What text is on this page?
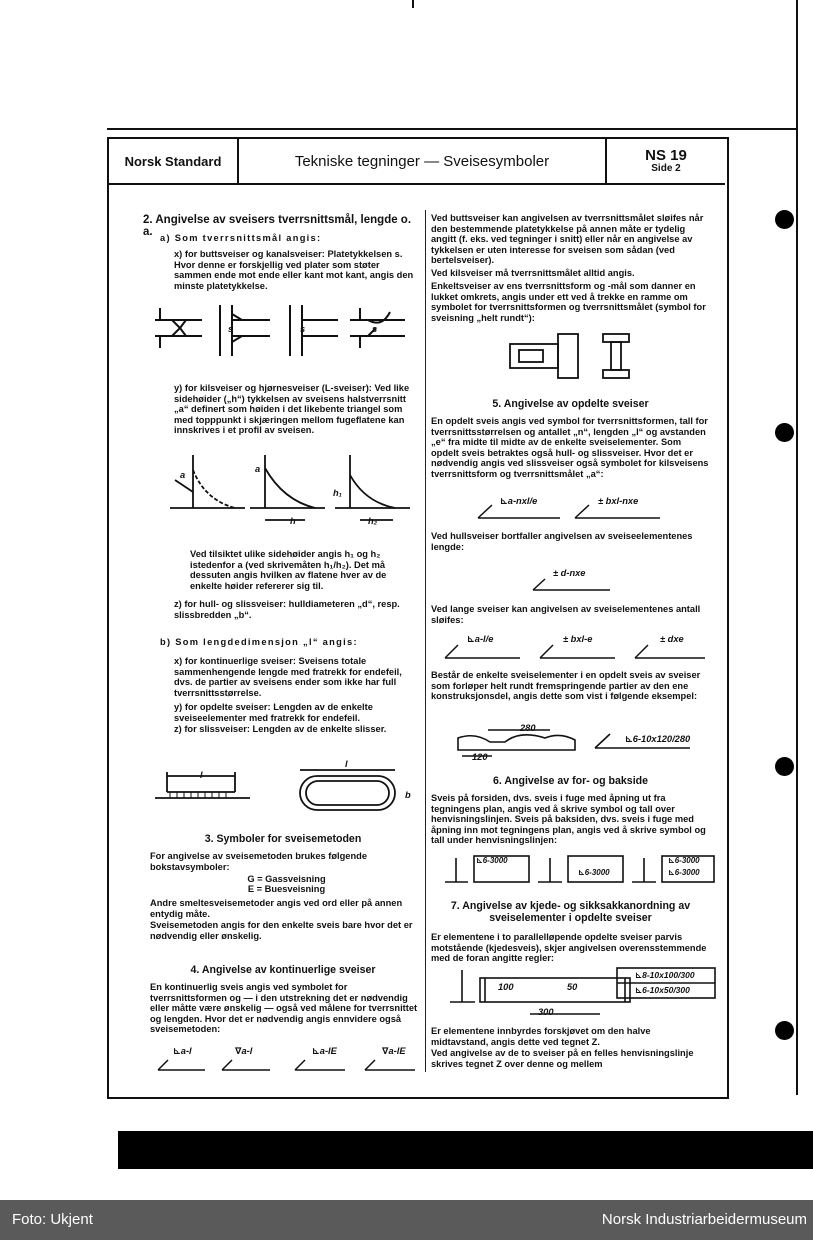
Norsk Standard	Tekniske tegninger — Sveisesymboler	NS 19
Side 2
2. Angivelse av sveisers tverrsnittsmål, lengde o. a. a) Som tverrsnittsmål angis:
x) for buttsveiser og kanalsveiser: Platetykkelsen s. Hvor denne er forskjellig ved plater som støter sammen ende mot ende eller kant mot kant, angis den minste platetykkelse.
s	s	s
y) for kilsveiser og hjørnesveiser (L-sveiser): Ved like sidehøider („h“) tykkelsen av sveisens halstverrsnitt „a“ definert som høiden i det likebente triangel som med topppunkt i skjæringen mellom fugeflatene kan innskrives i et profil av sveisen.
a
a
h
h₁
h₂
Ved tilsiktet ulike sidehøider angis h₁ og h₂ istedenfor a (ved skrivemåten h₁/h₂). Det må dessuten angis hvilken av flatene hver av de enkelte høider refererer sig til.
z) for hull- og slissveiser: hulldiameteren „d“, resp. slissbredden „b“.
b) Som lengdedimensjon „l“ angis:
x) for kontinuerlige sveiser: Sveisens totale sammenhengende lengde med fratrekk for endefeil, dvs. de partier av sveisens ender som ikke har full tverrsnittsstørrelse.
y) for opdelte sveiser: Lengden av de enkelte sveiseelementer med fratrekk for endefeil.
z) for slissveiser: Lengden av de enkelte slisser.
l
l
b
3. Symboler for sveisemetoden
For angivelse av sveisemetoden brukes følgende bokstavsymboler:
G = Gassveisning
E = Buesveisning
Andre smeltesveisemetoder angis ved ord eller på annen entydig måte.
Sveisemetoden angis for den enkelte sveis bare hvor det er nødvendig eller ønskelig.
4. Angivelse av kontinuerlige sveiser
En kontinuerlig sveis angis ved symbolet for tverrsnittsformen og — i den utstrekning det er nødvendig eller måtte være ønskelig — også ved målene for tverrsnittet og lengden. Hvor det er nødvendig angis ennvidere også sveisemetoden:
⊾a-l	∇a-l	⊾a-lE	∇a-lE
Ved buttsveiser kan angivelsen av tverrsnittsmålet sløifes når den bestemmende platetykkelse på annen måte er tydelig angitt (f. eks. ved tegninger i snitt) eller når en angivelse av tykkelsen er uten interesse for sveisen som sådan (ved bertelsveiser).
Ved kilsveiser må tverrsnittsmålet alltid angis.
Enkeltsveiser av ens tverrsnittsform og -mål som danner en lukket omkrets, angis under ett ved å trekke en ramme om symbolet for tverrsnittsformen og tverrsnittsmålet (symbol for sveisning „helt rundt“):
5. Angivelse av opdelte sveiser
En opdelt sveis angis ved symbol for tverrsnittsformen, tall for tverrsnittsstørrelsen og antallet „n“, lengden „l“ og avstanden „e“ fra midte til midte av de enkelte sveiselementer. Som opdelt sveis betraktes også hull- og slissveiser. Hvor det er nødvendig angis ved slissveiser også symbolet for kilsveisens tverrsnittsform og tverrsnittsmålet „a“:
⊾a-nxl/e	± bxl-nxe
Ved hullsveiser bortfaller angivelsen av sveiseelementenes lengde:
± d-nxe
Ved lange sveiser kan angivelsen av sveiselementenes antall sløifes:
⊾a-l/e	± bxl-e	± dxe
Består de enkelte sveiselementer i en opdelt sveis av sveiser som forløper helt rundt fremspringende partier av den ene konstruksjonsdel, angis dette som vist i følgende eksempel:
280
120
⊾6-10x120/280
6. Angivelse av for- og bakside
Sveis på forsiden, dvs. sveis i fuge med åpning ut fra tegningens plan, angis ved å skrive symbol og tall over henvisningslinjen. Sveis på baksiden, dvs. sveis i fuge med åpning inn mot tegningens plan, angis ved å skrive symbol og tall under henvisningslinjen:
⊾6-3000
⊾6-3000
⊾6-3000
⊾6-3000
7. Angivelse av kjede- og sikksakkanordning av sveiselementer i opdelte sveiser
Er elementene i to parallelløpende opdelte sveiser parvis motstående (kjedesveis), skjer angivelsen overensstemmende med de foran angitte regler:
100	50
300
⊾8-10x100/300
⊾6-10x50/300
Er elementene innbyrdes forskjøvet om den halve midtavstand, angis dette ved tegnet Z.
Ved angivelse av de to sveiser på en felles henvisningslinje skrives tegnet Z over denne og mellem
Foto: Ukjent	Norsk Industriarbeidermuseum
